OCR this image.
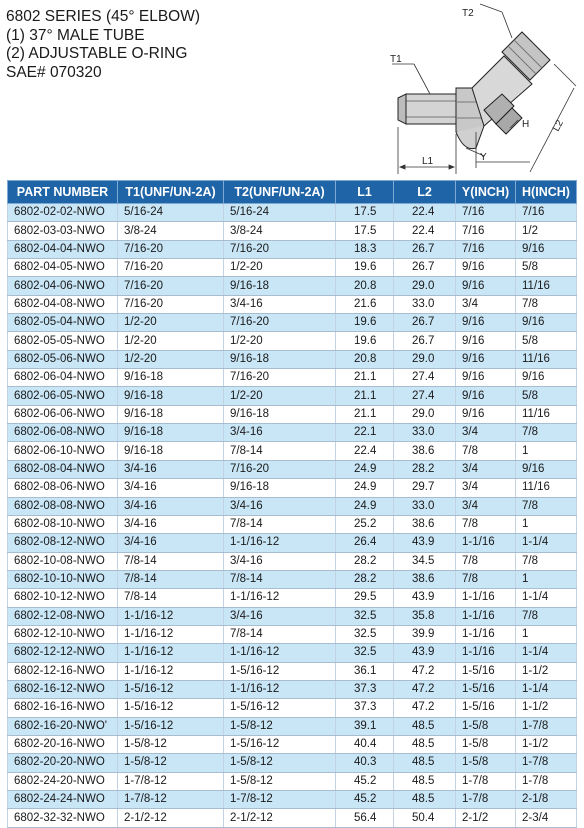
6802 SERIES (45° ELBOW)
(1) 37° MALE TUBE
(2) ADJUSTABLE O-RING
SAE# 070320
T2
T1
H L2
Y
L1
PART NUMBER	T1(UNF/UN-2A)	T2(UNF/UN-2A)	L1	L2	Y(INCH)	H(INCH)
6802-02-02-NWO	5/16-24	5/16-24	17.5	22.4	7/16	7/16
6802-03-03-NWO	3/8-24	3/8-24	17.5	22.4	7/16	1/2
6802-04-04-NWO	7/16-20	7/16-20	18.3	26.7	7/16	9/16
6802-04-05-NWO	7/16-20	1/2-20	19.6	26.7	9/16	5/8
6802-04-06-NWO	7/16-20	9/16-18	20.8	29.0	9/16	11/16
6802-04-08-NWO	7/16-20	3/4-16	21.6	33.0	3/4	7/8
6802-05-04-NWO	1/2-20	7/16-20	19.6	26.7	9/16	9/16
6802-05-05-NWO	1/2-20	1/2-20	19.6	26.7	9/16	5/8
6802-05-06-NWO	1/2-20	9/16-18	20.8	29.0	9/16	11/16
6802-06-04-NWO	9/16-18	7/16-20	21.1	27.4	9/16	9/16
6802-06-05-NWO	9/16-18	1/2-20	21.1	27.4	9/16	5/8
6802-06-06-NWO	9/16-18	9/16-18	21.1	29.0	9/16	11/16
6802-06-08-NWO	9/16-18	3/4-16	22.1	33.0	3/4	7/8
6802-06-10-NWO	9/16-18	7/8-14	22.4	38.6	7/8	1
6802-08-04-NWO	3/4-16	7/16-20	24.9	28.2	3/4	9/16
6802-08-06-NWO	3/4-16	9/16-18	24.9	29.7	3/4	11/16
6802-08-08-NWO	3/4-16	3/4-16	24.9	33.0	3/4	7/8
6802-08-10-NWO	3/4-16	7/8-14	25.2	38.6	7/8	1
6802-08-12-NWO	3/4-16	1-1/16-12	26.4	43.9	1-1/16	1-1/4
6802-10-08-NWO	7/8-14	3/4-16	28.2	34.5	7/8	7/8
6802-10-10-NWO	7/8-14	7/8-14	28.2	38.6	7/8	1
6802-10-12-NWO	7/8-14	1-1/16-12	29.5	43.9	1-1/16	1-1/4
6802-12-08-NWO	1-1/16-12	3/4-16	32.5	35.8	1-1/16	7/8
6802-12-10-NWO	1-1/16-12	7/8-14	32.5	39.9	1-1/16	1
6802-12-12-NWO	1-1/16-12	1-1/16-12	32.5	43.9	1-1/16	1-1/4
6802-12-16-NWO	1-1/16-12	1-5/16-12	36.1	47.2	1-5/16	1-1/2
6802-16-12-NWO	1-5/16-12	1-1/16-12	37.3	47.2	1-5/16	1-1/4
6802-16-16-NWO	1-5/16-12	1-5/16-12	37.3	47.2	1-5/16	1-1/2
6802-16-20-NWO'	1-5/16-12	1-5/8-12	39.1	48.5	1-5/8	1-7/8
6802-20-16-NWO	1-5/8-12	1-5/16-12	40.4	48.5	1-5/8	1-1/2
6802-20-20-NWO	1-5/8-12	1-5/8-12	40.3	48.5	1-5/8	1-7/8
6802-24-20-NWO	1-7/8-12	1-5/8-12	45.2	48.5	1-7/8	1-7/8
6802-24-24-NWO	1-7/8-12	1-7/8-12	45.2	48.5	1-7/8	2-1/8
6802-32-32-NWO	2-1/2-12	2-1/2-12	56.4	50.4	2-1/2	2-3/4
